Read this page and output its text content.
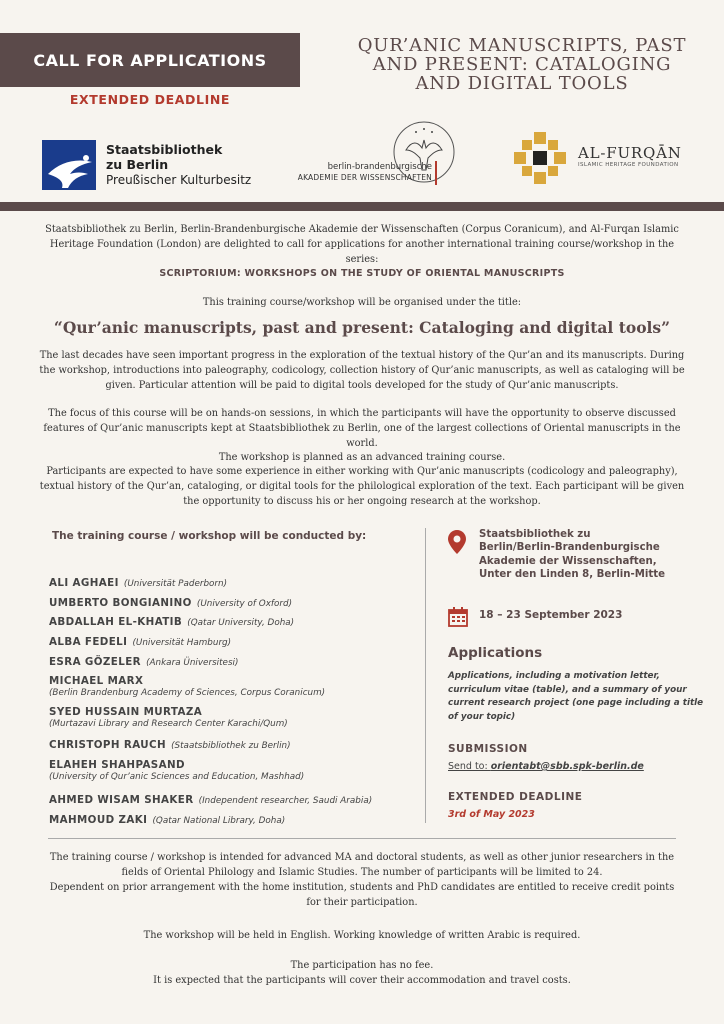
CALL FOR APPLICATIONS
EXTENDED DEADLINE
QUR’ANIC MANUSCRIPTS, PAST
AND PRESENT: CATALOGING
AND DIGITAL TOOLS
Staatsbibliothek
zu Berlin
Preußischer Kulturbesitz
berlin-brandenburgische
AKADEMIE DER WISSENSCHAFTEN
AL-FURQĀN
ISLAMIC HERITAGE FOUNDATION
Staatsbibliothek zu Berlin, Berlin-Brandenburgische Akademie der Wissenschaften (Corpus Coranicum), and Al-Furqan Islamic Heritage Foundation (London) are delighted to call for applications for another international training course/workshop in the series:
SCRIPTORIUM: WORKSHOPS ON THE STUDY OF ORIENTAL MANUSCRIPTS
This training course/workshop will be organised under the title:
“Qur’anic manuscripts, past and present: Cataloging and digital tools”
The last decades have seen important progress in the exploration of the textual history of the Qur’an and its manuscripts. During the workshop, introductions into paleography, codicology, collection history of Qur’anic manuscripts, as well as cataloging will be given. Particular attention will be paid to digital tools developed for the study of Qur’anic manuscripts.
The focus of this course will be on hands-on sessions, in which the participants will have the opportunity to observe discussed features of Qur’anic manuscripts kept at Staatsbibliothek zu Berlin, one of the largest collections of Oriental manuscripts in the world.
The workshop is planned as an advanced training course.
Participants are expected to have some experience in either working with Qur’anic manuscripts (codicology and paleography), textual history of the Qur’an, cataloging, or digital tools for the philological exploration of the text. Each participant will be given the opportunity to discuss his or her ongoing research at the workshop.
The training course / workshop will be conducted by:
ALI AGHAEI (Universität Paderborn)
UMBERTO BONGIANINO (University of Oxford)
ABDALLAH EL-KHATIB (Qatar University, Doha)
ALBA FEDELI (Universität Hamburg)
ESRA GÖZELER (Ankara Üniversitesi)
MICHAEL MARX
(Berlin Brandenburg Academy of Sciences, Corpus Coranicum)
SYED HUSSAIN MURTAZA
(Murtazavi Library and Research Center Karachi/Qum)
CHRISTOPH RAUCH (Staatsbibliothek zu Berlin)
ELAHEH SHAHPASAND
(University of Qur’anic Sciences and Education, Mashhad)
AHMED WISAM SHAKER (Independent researcher, Saudi Arabia)
MAHMOUD ZAKI (Qatar National Library, Doha)
Staatsbibliothek zu
Berlin/Berlin-Brandenburgische
Akademie der Wissenschaften,
Unter den Linden 8, Berlin-Mitte
18 – 23 September 2023
Applications
Applications, including a motivation letter, curriculum vitae (table), and a summary of your current research project (one page including a title of your topic)
SUBMISSION
Send to: orientabt@sbb.spk-berlin.de
EXTENDED DEADLINE
3rd of May 2023
The training course / workshop is intended for advanced MA and doctoral students, as well as other junior researchers in the fields of Oriental Philology and Islamic Studies. The number of participants will be limited to 24.
Dependent on prior arrangement with the home institution, students and PhD candidates are entitled to receive credit points for their participation.
The workshop will be held in English. Working knowledge of written Arabic is required.
The participation has no fee.
It is expected that the participants will cover their accommodation and travel costs.
